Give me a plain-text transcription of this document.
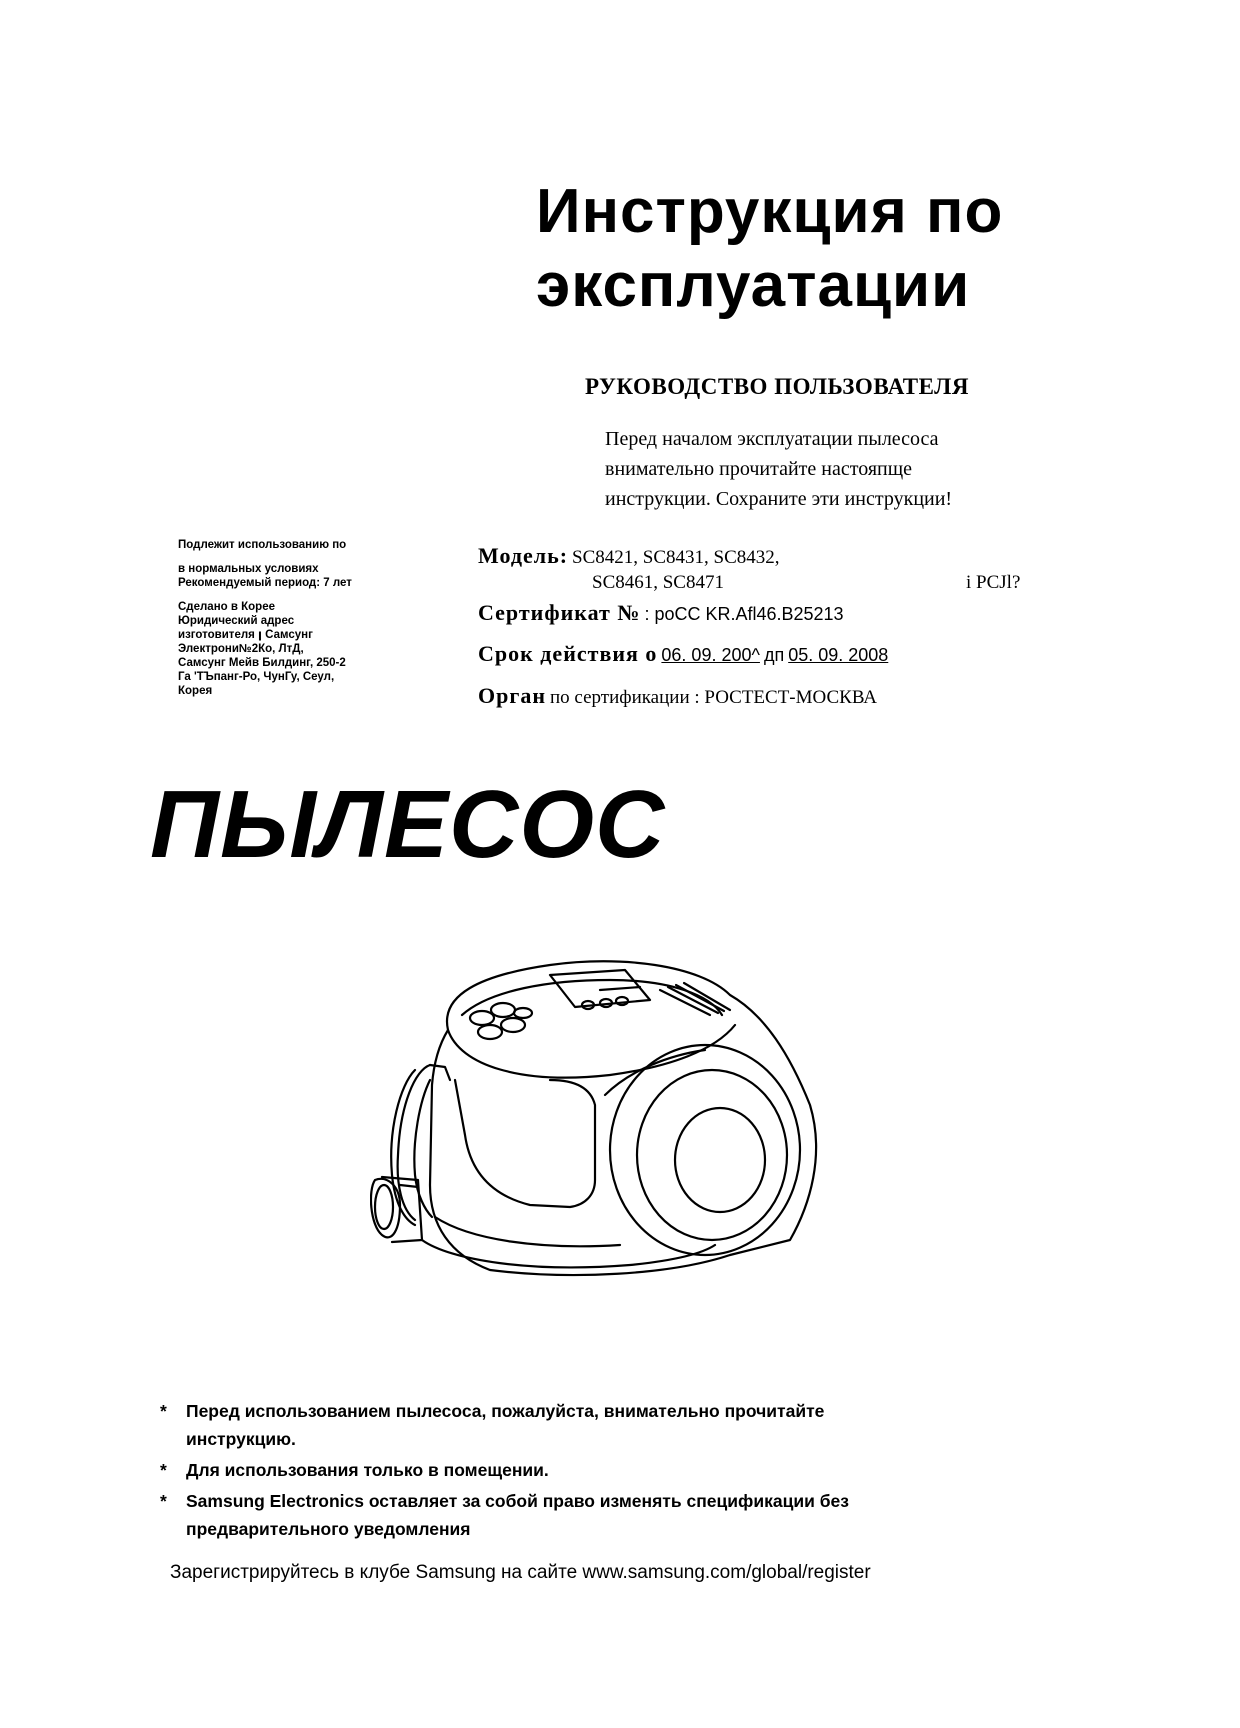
Инструкция по
эксплуатации
РУКОВОДСТВО ПОЛЬЗОВАТЕЛЯ
Перед началом эксплуатации пылесоса
внимательно прочитайте настояпще
инструкции. Сохраните эти инструкции!
Подлежит использованию по
в нормальных условиях
Рекомендуемый период: 7 лет
Сделано в Корее
Юридический адрес
изготовителя ꞁ Самсунг
Электрони№2Ко, ЛтД,
Самсунг Мейв Билдинг, 250-2
Га 'ТЪпанг-Ро, ЧунГу, Сеул,
Корея
Модель: SC8421, SC8431, SC8432,
SC8461, SC8471	i PCJl?
Сертификат № : poCC KR.Afl46.B25213
Срок действия о 06. 09. 200^ дп 05. 09. 2008
Орган по сертификации : РОСТЕСТ-МОСКВА
ПЫЛЕСОС
* Перед использованием пылесоса, пожалуйста, внимательно прочитайте
инструкцию.
* Для использования только в помещении.
* Samsung Electronics оставляет за собой право изменять спецификации без
предварительного уведомления
Зарегистрируйтесь в клубе Samsung на сайте www.samsung.com/global/register
